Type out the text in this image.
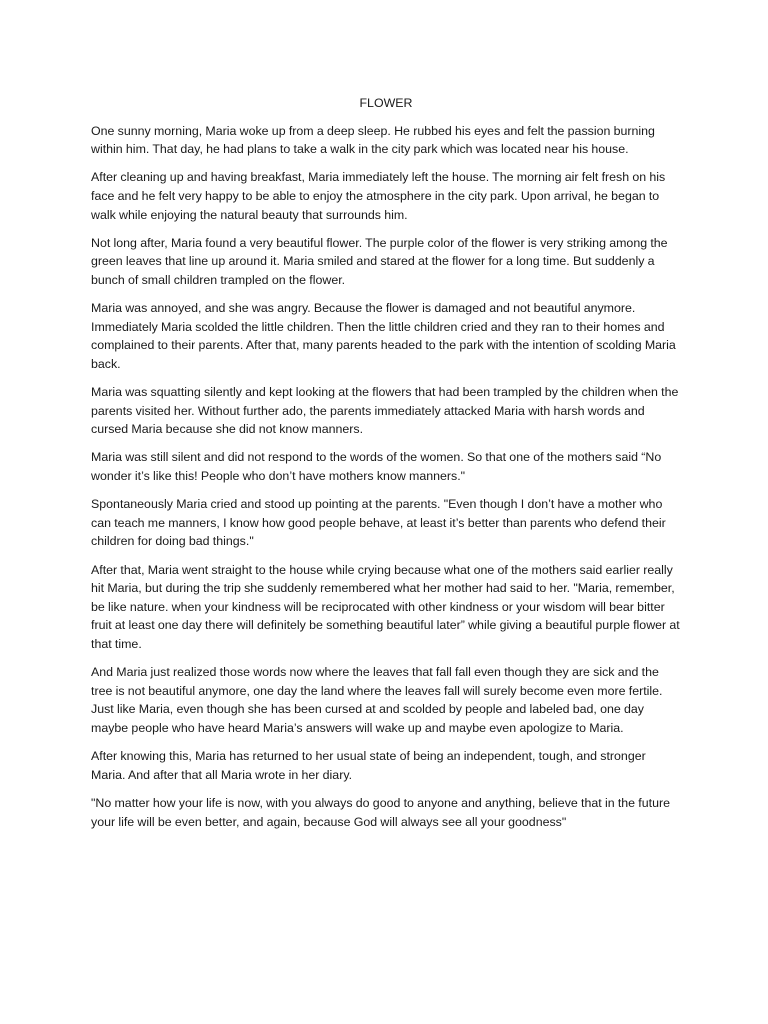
FLOWER

One sunny morning, Maria woke up from a deep sleep. He rubbed his eyes and felt the passion burning within him. That day, he had plans to take a walk in the city park which was located near his house.

After cleaning up and having breakfast, Maria immediately left the house. The morning air felt fresh on his face and he felt very happy to be able to enjoy the atmosphere in the city park. Upon arrival, he began to walk while enjoying the natural beauty that surrounds him.

Not long after, Maria found a very beautiful flower. The purple color of the flower is very striking among the green leaves that line up around it. Maria smiled and stared at the flower for a long time. But suddenly a bunch of small children trampled on the flower.

Maria was annoyed, and she was angry. Because the flower is damaged and not beautiful anymore. Immediately Maria scolded the little children. Then the little children cried and they ran to their homes and complained to their parents. After that, many parents headed to the park with the intention of scolding Maria back.

Maria was squatting silently and kept looking at the flowers that had been trampled by the children when the parents visited her. Without further ado, the parents immediately attacked Maria with harsh words and cursed Maria because she did not know manners.

Maria was still silent and did not respond to the words of the women. So that one of the mothers said “No wonder it’s like this! People who don’t have mothers know manners."

Spontaneously Maria cried and stood up pointing at the parents. "Even though I don’t have a mother who can teach me manners, I know how good people behave, at least it’s better than parents who defend their children for doing bad things."

After that, Maria went straight to the house while crying because what one of the mothers said earlier really hit Maria, but during the trip she suddenly remembered what her mother had said to her. "Maria, remember, be like nature. when your kindness will be reciprocated with other kindness or your wisdom will bear bitter fruit at least one day there will definitely be something beautiful later” while giving a beautiful purple flower at that time.

And Maria just realized those words now where the leaves that fall fall even though they are sick and the tree is not beautiful anymore, one day the land where the leaves fall will surely become even more fertile. Just like Maria, even though she has been cursed at and scolded by people and labeled bad, one day maybe people who have heard Maria’s answers will wake up and maybe even apologize to Maria.

After knowing this, Maria has returned to her usual state of being an independent, tough, and stronger Maria. And after that all Maria wrote in her diary.

"No matter how your life is now, with you always do good to anyone and anything, believe that in the future your life will be even better, and again, because God will always see all your goodness"
